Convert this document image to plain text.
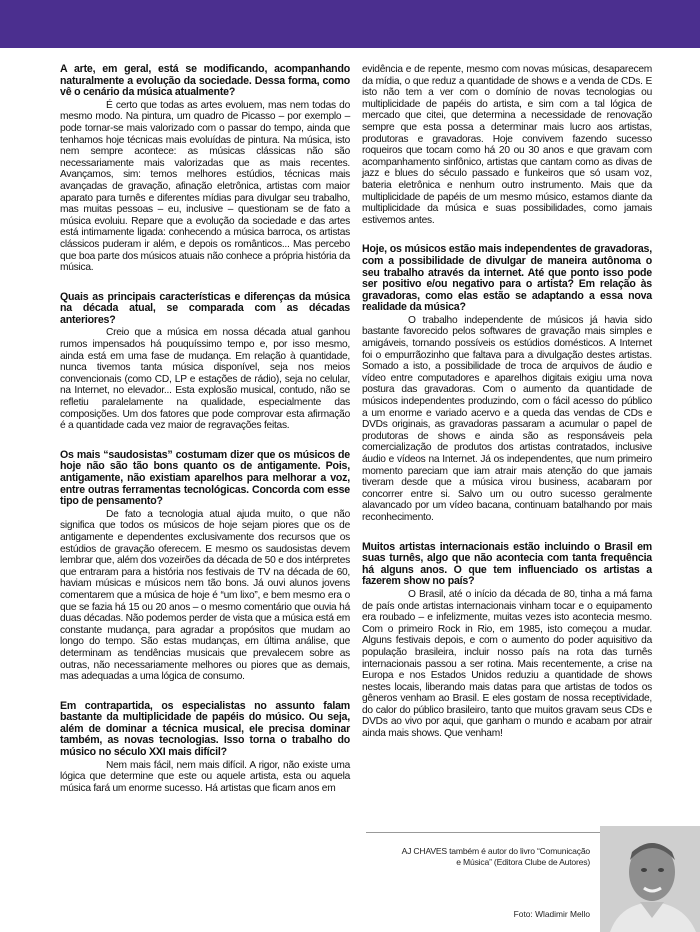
A arte, em geral, está se modificando, acompanhando naturalmente a evolução da sociedade. Dessa forma, como vê o cenário da música atualmente?

É certo que todas as artes evoluem, mas nem todas do mesmo modo. Na pintura, um quadro de Picasso – por exemplo – pode tornar-se mais valorizado com o passar do tempo, ainda que tenhamos hoje técnicas mais evoluídas de pintura. Na música, isto nem sempre acontece: as músicas clássicas não são necessariamente mais valorizadas que as mais recentes. Avançamos, sim: temos melhores estúdios, técnicas mais avançadas de gravação, afinação eletrônica, artistas com maior aparato para turnês e diferentes mídias para divulgar seu trabalho, mas muitas pessoas – eu, inclusive – questionam se de fato a música evoluiu. Repare que a evolução da sociedade e das artes está intimamente ligada: conhecendo a música barroca, os artistas clássicos puderam ir além, e depois os românticos... Mas percebo que boa parte dos músicos atuais não conhece a própria história da música.

Quais as principais características e diferenças da música na década atual, se comparada com as décadas anteriores?

Creio que a música em nossa década atual ganhou rumos impensados há pouquíssimo tempo e, por isso mesmo, ainda está em uma fase de mudança. Em relação à quantidade, nunca tivemos tanta música disponível, seja nos meios convencionais (como CD, LP e estações de rádio), seja no celular, na Internet, no elevador... Esta explosão musical, contudo, não se refletiu paralelamente na qualidade, especialmente das composições. Um dos fatores que pode comprovar esta afirmação é a quantidade cada vez maior de regravações feitas.

Os mais “saudosistas” costumam dizer que os músicos de hoje não são tão bons quanto os de antigamente. Pois, antigamente, não existiam aparelhos para melhorar a voz, entre outras ferramentas tecnológicas. Concorda com esse tipo de pensamento?

De fato a tecnologia atual ajuda muito, o que não significa que todos os músicos de hoje sejam piores que os de antigamente e dependentes exclusivamente dos recursos que os estúdios de gravação oferecem. E mesmo os saudosistas devem lembrar que, além dos vozeirões da década de 50 e dos intérpretes que entraram para a história nos festivais de TV na década de 60, haviam músicas e músicos nem tão bons. Já ouvi alunos jovens comentarem que a música de hoje é “um lixo”, e bem mesmo era o que se fazia há 15 ou 20 anos – o mesmo comentário que ouvia há duas décadas. Não podemos perder de vista que a música está em constante mudança, para agradar a propósitos que mudam ao longo do tempo. São estas mudanças, em última análise, que determinam as tendências musicais que prevalecem sobre as outras, não necessariamente melhores ou piores que as demais, mas adequadas a uma lógica de consumo.

Em contrapartida, os especialistas no assunto falam bastante da multiplicidade de papéis do músico. Ou seja, além de dominar a técnica musical, ele precisa dominar também, as novas tecnologias. Isso torna o trabalho do músico no século XXI mais difícil?

Nem mais fácil, nem mais difícil. A rigor, não existe uma lógica que determine que este ou aquele artista, esta ou aquela música fará um enorme sucesso. Há artistas que ficam anos em

evidência e de repente, mesmo com novas músicas, desaparecem da mídia, o que reduz a quantidade de shows e a venda de CDs. E isto não tem a ver com o domínio de novas tecnologias ou multiplicidade de papéis do artista, e sim com a tal lógica de mercado que citei, que determina a necessidade de renovação sempre que esta possa a determinar mais lucro aos artistas, produtoras e gravadoras. Hoje convivem fazendo sucesso roqueiros que tocam como há 20 ou 30 anos e que gravam com acompanhamento sinfônico, artistas que cantam como as divas de jazz e blues do século passado e funkeiros que só usam voz, bateria eletrônica e nenhum outro instrumento. Mais que da multiplicidade de papéis de um mesmo músico, estamos diante da multiplicidade da música e suas possibilidades, como jamais estivemos antes.

Hoje, os músicos estão mais independentes de gravadoras, com a possibilidade de divulgar de maneira autônoma o seu trabalho através da internet. Até que ponto isso pode ser positivo e/ou negativo para o artista? Em relação às gravadoras, como elas estão se adaptando a essa nova realidade da música?

O trabalho independente de músicos já havia sido bastante favorecido pelos softwares de gravação mais simples e amigáveis, tornando possíveis os estúdios domésticos. A Internet foi o empurrãozinho que faltava para a divulgação destes artistas. Somado a isto, a possibilidade de troca de arquivos de áudio e vídeo entre computadores e aparelhos digitais exigiu uma nova postura das gravadoras. Com o aumento da quantidade de músicos independentes produzindo, com o fácil acesso do público a um enorme e variado acervo e a queda das vendas de CDs e DVDs originais, as gravadoras passaram a acumular o papel de produtoras de shows e ainda são as responsáveis pela comercialização de produtos dos artistas contratados, inclusive áudio e vídeos na Internet. Já os independentes, que num primeiro momento pareciam que iam atrair mais atenção do que jamais tiveram desde que a música virou business, acabaram por concorrer entre si. Salvo um ou outro sucesso geralmente alavancado por um vídeo bacana, continuam batalhando por mais reconhecimento.

Muitos artistas internacionais estão incluindo o Brasil em suas turnês, algo que não acontecia com tanta frequência há alguns anos. O que tem influenciado os artistas a fazerem show no país?

O Brasil, até o início da década de 80, tinha a má fama de país onde artistas internacionais vinham tocar e o equipamento era roubado – e infelizmente, muitas vezes isto acontecia mesmo. Com o primeiro Rock in Rio, em 1985, isto começou a mudar. Alguns festivais depois, e com o aumento do poder aquisitivo da população brasileira, incluir nosso país na rota das turnês internacionais passou a ser rotina. Mais recentemente, a crise na Europa e nos Estados Unidos reduziu a quantidade de shows nestes locais, liberando mais datas para que artistas de todos os gêneros venham ao Brasil. E eles gostam de nossa receptividade, do calor do público brasileiro, tanto que muitos gravam seus CDs e DVDs ao vivo por aqui, que ganham o mundo e acabam por atrair ainda mais shows. Que venham!

AJ CHAVES também é autor do livro “Comunicação
e Música” (Editora Clube de Autores)
Foto: Wladimir Mello
